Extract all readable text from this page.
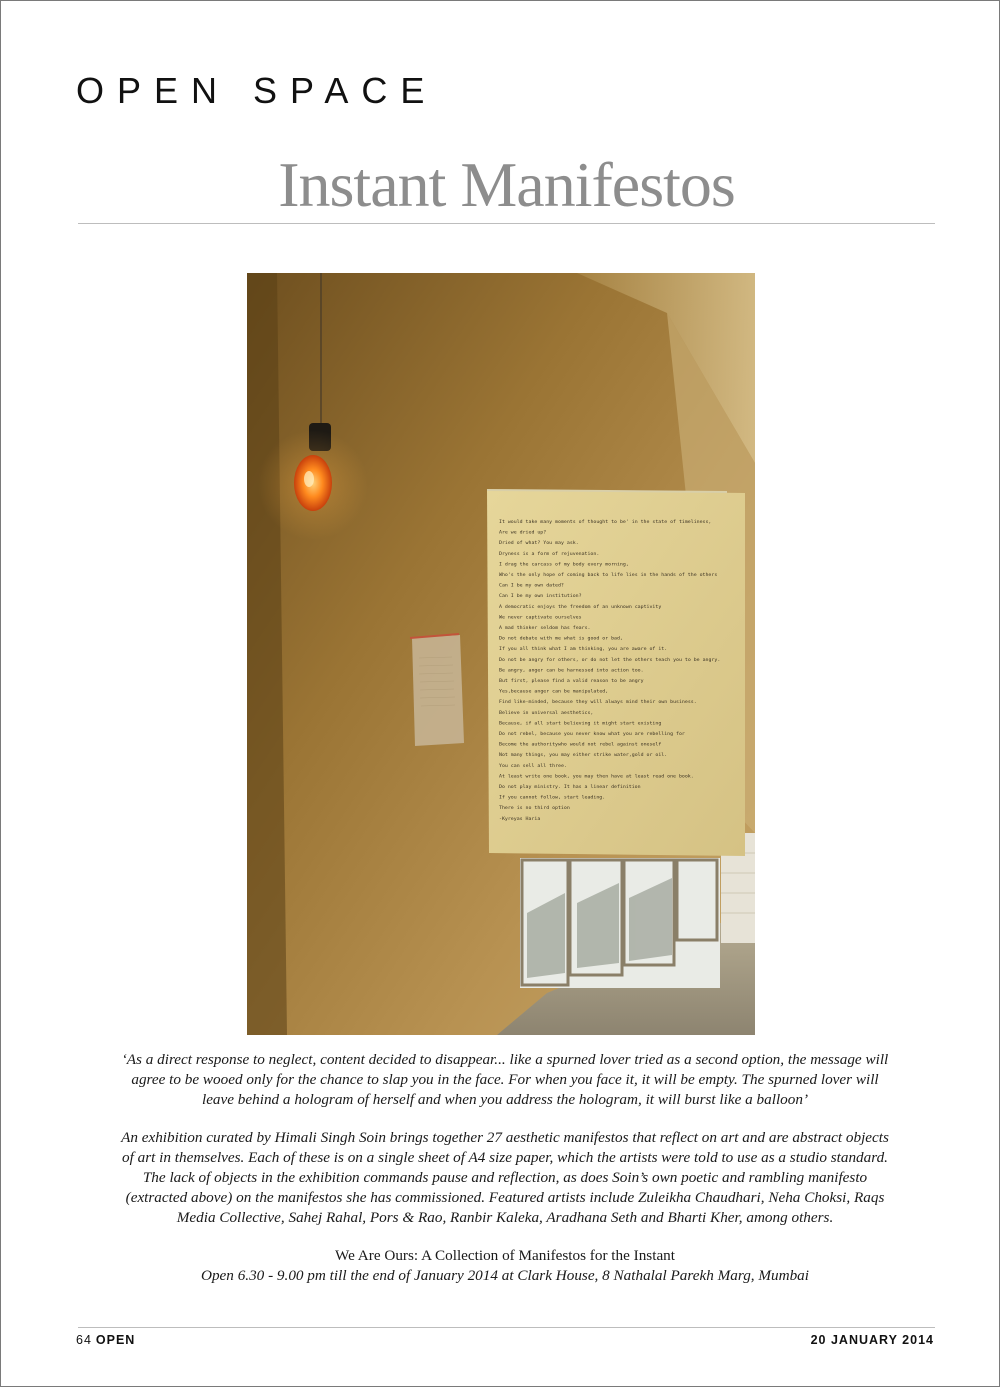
OPEN SPACE
Instant Manifestos
It would take many moments of thought to be' in the state of timeliness,
Are we dried up?
Dried of what? You may ask.
Dryness is a form of rejuvenation.
I drag the carcass of my body every morning,
Who's the only hope of coming back to life lies in the hands of the others
Can I be my own dated?
Can I be my own institution?
A democratic enjoys the freedom of an unknown captivity
We never captivate ourselves
A mad thinker seldom has fears.
Do not debate with me what is good or bad,
If you all think what I am thinking, you are aware of it.
Do not be angry for others, or do not let the others teach you to be angry.
Be angry, anger can be harnessed into action too.
But first, please find a valid reason to be angry
Yes,because anger can be manipulated,
Find like-minded, because they will always mind their own business.
Believe in universal aesthetics,
Because, if all start believing it might start existing
Do not rebel, because you never know what you are rebelling for
Become the authoritywho would not rebel against oneself
Not many things, you may either strike water,gold or oil.
You can sell all three.
At least write one book, you may then have at least read one book.
Do not play ministry. It has a linear definition
If you cannot follow, start leading.
There is no third option
-Kyreyas Haria

‘As a direct response to neglect, content decided to disappear... like a spurned lover tried as a second option, the message will agree to be wooed only for the chance to slap you in the face. For when you face it, it will be empty. The spurned lover will leave behind a hologram of herself and when you address the hologram, it will burst like a balloon’

An exhibition curated by Himali Singh Soin brings together 27 aesthetic manifestos that reflect on art and are abstract objects of art in themselves. Each of these is on a single sheet of A4 size paper, which the artists were told to use as a studio standard. The lack of objects in the exhibition commands pause and reflection, as does Soin’s own poetic and rambling manifesto (extracted above) on the manifestos she has commissioned. Featured artists include Zuleikha Chaudhari, Neha Choksi, Raqs Media Collective, Sahej Rahal, Pors & Rao, Ranbir Kaleka, Aradhana Seth and Bharti Kher, among others.

We Are Ours: A Collection of Manifestos for the Instant

Open 6.30 - 9.00 pm till the end of January 2014 at Clark House, 8 Nathalal Parekh Marg, Mumbai

64 OPEN	20 JANUARY 2014
